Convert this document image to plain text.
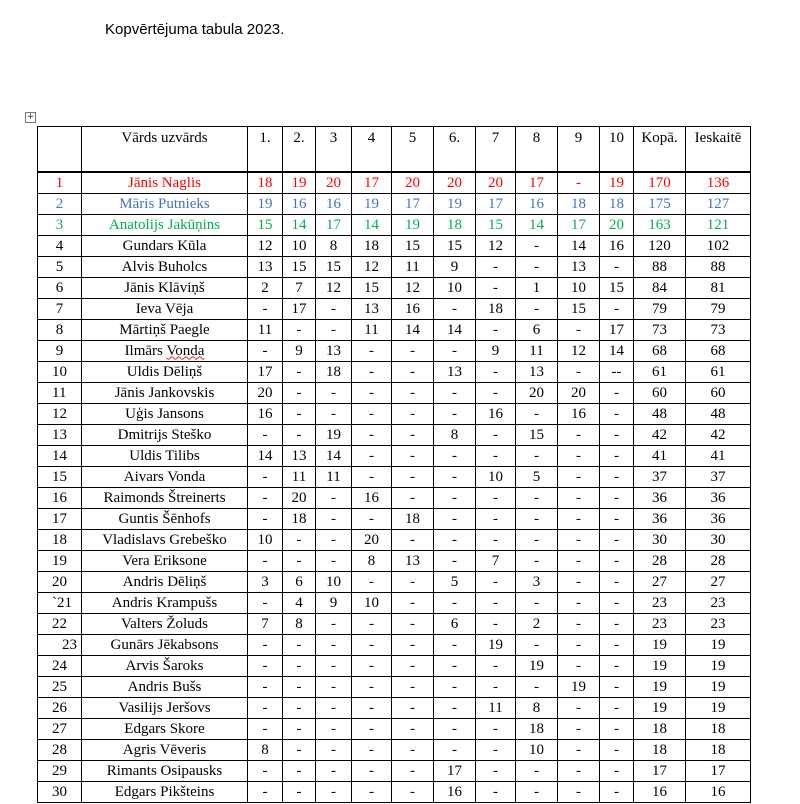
Kopvērtējuma tabula 2023.
+
	Vārds uzvārds	1.	2.	3	4	5	6.	7	8	9	10	Kopā.	Ieskaitē

1	Jānis Naglis	18	19	20	17	20	20	20	17	-	19	170	136
2	Māris Putnieks	19	16	16	19	17	19	17	16	18	18	175	127
3	Anatolijs Jakūņins	15	14	17	14	19	18	15	14	17	20	163	121
4	Gundars Kūla	12	10	8	18	15	15	12	-	14	16	120	102
5	Alvis Buholcs	13	15	15	12	11	9	-	-	13	-	88	88
6	Jānis Klāviņš	2	7	12	15	12	10	-	1	10	15	84	81
7	Ieva Vēja	-	17	-	13	16	-	18	-	15	-	79	79
8	Mārtiņš Paegle	11	-	-	11	14	14	-	6	-	17	73	73
9	Ilmārs Vonda	-	9	13	-	-	-	9	11	12	14	68	68
10	Uldis Dēliņš	17	-	18	-	-	13	-	13	-	--	61	61
11	Jānis Jankovskis	20	-	-	-	-	-	-	20	20	-	60	60
12	Uģis Jansons	16	-	-	-	-	-	16	-	16	-	48	48
13	Dmitrijs Steško	-	-	19	-	-	8	-	15	-	-	42	42
14	Uldis Tilibs	14	13	14	-	-	-	-	-	-	-	41	41
15	Aivars Vonda	-	11	11	-	-	-	10	5	-	-	37	37
16	Raimonds Štreinerts	-	20	-	16	-	-	-	-	-	-	36	36
17	Guntis Šēnhofs	-	18	-	-	18	-	-	-	-	-	36	36
18	Vladislavs Grebeško	10	-	-	20	-	-	-	-	-	-	30	30
19	Vera Eriksone	-	-	-	8	13	-	7	-	-	-	28	28
20	Andris Dēliņš	3	6	10	-	-	5	-	3	-	-	27	27
`21	Andris Krampušs	-	4	9	10	-	-	-	-	-	-	23	23
22	Valters Žoluds	7	8	-	-	-	6	-	2	-	-	23	23
23	Gunārs Jēkabsons	-	-	-	-	-	-	19	-	-	-	19	19
24	Arvis Šaroks	-	-	-	-	-	-	-	19	-	-	19	19
25	Andris Bušs	-	-	-	-	-	-	-	-	19	-	19	19
26	Vasilijs Jeršovs	-	-	-	-	-	-	11	8	-	-	19	19
27	Edgars Skore	-	-	-	-	-	-	-	18	-	-	18	18
28	Agris Vēveris	8	-	-	-	-	-	-	10	-	-	18	18
29	Rimants Osipausks	-	-	-	-	-	17	-	-	-	-	17	17
30	Edgars Pikšteins	-	-	-	-	-	16	-	-	-	-	16	16
